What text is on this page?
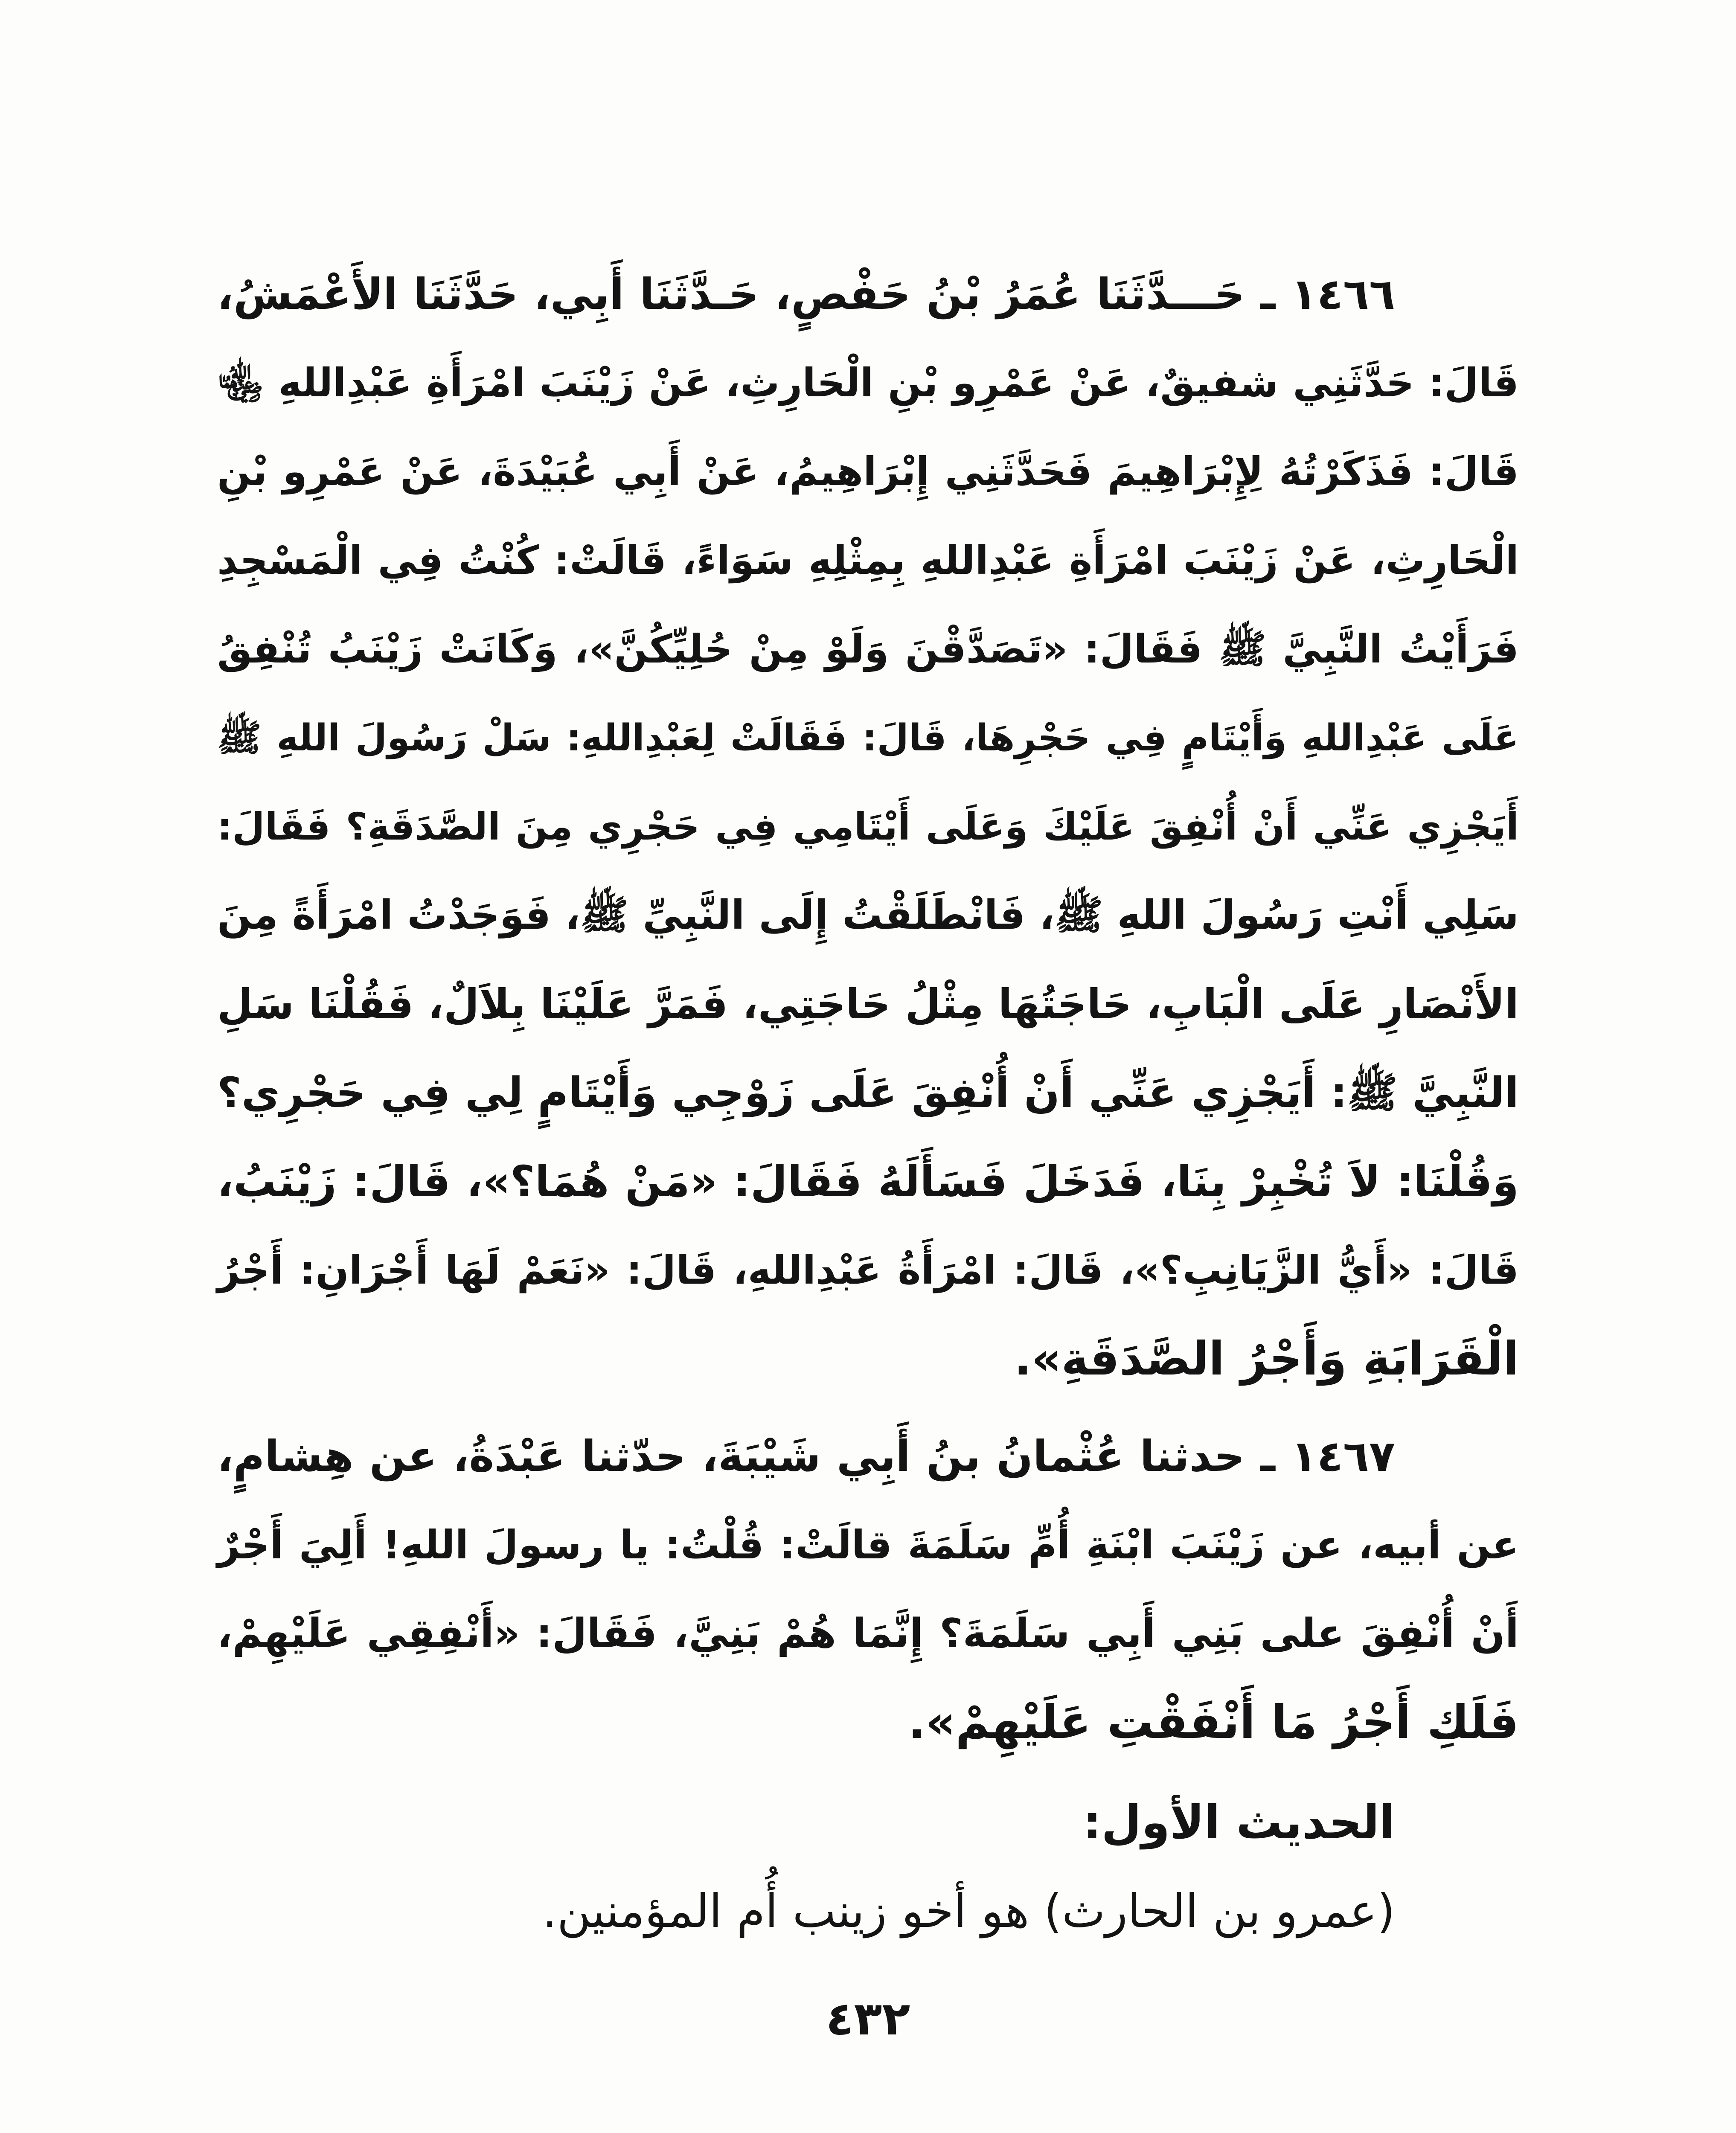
١٤٦٦ ـ حَـــدَّثَنَا عُمَرُ بْنُ حَفْصٍ، حَـدَّثَنَا أَبِي، حَدَّثَنَا الأَعْمَشُ،
قَالَ: حَدَّثَنِي شفيقٌ، عَنْ عَمْرِو بْنِ الْحَارِثِ، عَنْ زَيْنَبَ امْرَأَةِ عَبْدِاللهِ ﵄
قَالَ: فَذَكَرْتُهُ لِإِبْرَاهِيمَ فَحَدَّثَنِي إِبْرَاهِيمُ، عَنْ أَبِي عُبَيْدَةَ، عَنْ عَمْرِو بْنِ
الْحَارِثِ، عَنْ زَيْنَبَ امْرَأَةِ عَبْدِاللهِ بِمِثْلِهِ سَوَاءً، قَالَتْ: كُنْتُ فِي الْمَسْجِدِ
فَرَأَيْتُ النَّبِيَّ ﷺ فَقَالَ: «تَصَدَّقْنَ وَلَوْ مِنْ حُلِيِّكُنَّ»، وَكَانَتْ زَيْنَبُ تُنْفِقُ
عَلَى عَبْدِاللهِ وَأَيْتَامٍ فِي حَجْرِهَا، قَالَ: فَقَالَتْ لِعَبْدِاللهِ: سَلْ رَسُولَ اللهِ ﷺ
أَيَجْزِي عَنِّي أَنْ أُنْفِقَ عَلَيْكَ وَعَلَى أَيْتَامِي فِي حَجْرِي مِنَ الصَّدَقَةِ؟ فَقَالَ:
سَلِي أَنْتِ رَسُولَ اللهِ ﷺ، فَانْطَلَقْتُ إِلَى النَّبِيِّ ﷺ، فَوَجَدْتُ امْرَأَةً مِنَ
الأَنْصَارِ عَلَى الْبَابِ، حَاجَتُهَا مِثْلُ حَاجَتِي، فَمَرَّ عَلَيْنَا بِلاَلٌ، فَقُلْنَا سَلِ
النَّبِيَّ ﷺ: أَيَجْزِي عَنِّي أَنْ أُنْفِقَ عَلَى زَوْجِي وَأَيْتَامٍ لِي فِي حَجْرِي؟
وَقُلْنَا: لاَ تُخْبِرْ بِنَا، فَدَخَلَ فَسَأَلَهُ فَقَالَ: «مَنْ هُمَا؟»، قَالَ: زَيْنَبُ،
قَالَ: «أَيُّ الزَّيَانِبِ؟»، قَالَ: امْرَأَةُ عَبْدِاللهِ، قَالَ: «نَعَمْ لَهَا أَجْرَانِ: أَجْرُ
الْقَرَابَةِ وَأَجْرُ الصَّدَقَةِ».
١٤٦٧ ـ حدثنا عُثْمانُ بنُ أَبِي شَيْبَةَ، حدّثنا عَبْدَةُ، عن هِشامٍ،
عن أبيه، عن زَيْنَبَ ابْنَةِ أُمِّ سَلَمَةَ قالَتْ: قُلْتُ: يا رسولَ اللهِ! أَلِيَ أَجْرٌ
أَنْ أُنْفِقَ على بَنِي أَبِي سَلَمَةَ؟ إِنَّمَا هُمْ بَنِيَّ، فَقَالَ: «أَنْفِقِي عَلَيْهِمْ،
فَلَكِ أَجْرُ مَا أَنْفَقْتِ عَلَيْهِمْ».
الحديث الأول:
(عمرو بن الحارث) هو أخو زينب أُم المؤمنين.
٤٣٢
